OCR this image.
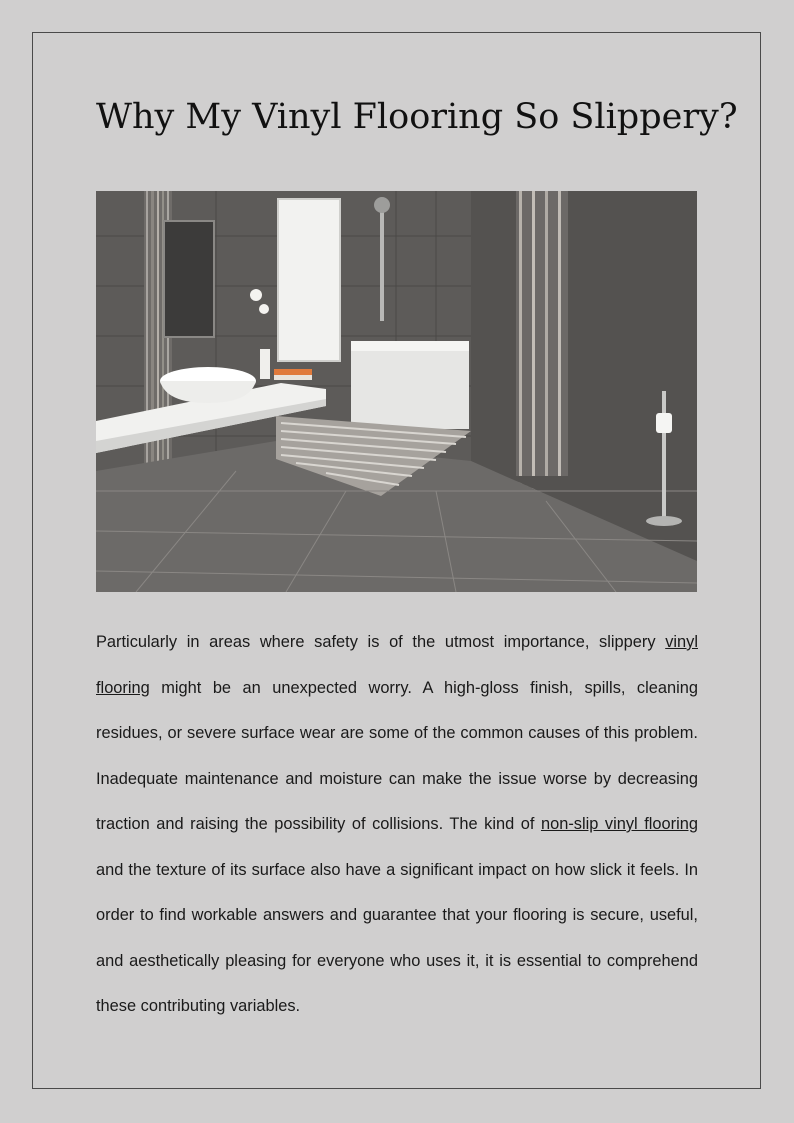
Why My Vinyl Flooring So Slippery?

Particularly in areas where safety is of the utmost importance, slippery vinyl flooring might be an unexpected worry. A high-gloss finish, spills, cleaning residues, or severe surface wear are some of the common causes of this problem. Inadequate maintenance and moisture can make the issue worse by decreasing traction and raising the possibility of collisions. The kind of non-slip vinyl flooring and the texture of its surface also have a significant impact on how slick it feels. In order to find workable answers and guarantee that your flooring is secure, useful, and aesthetically pleasing for everyone who uses it, it is essential to comprehend these contributing variables.
